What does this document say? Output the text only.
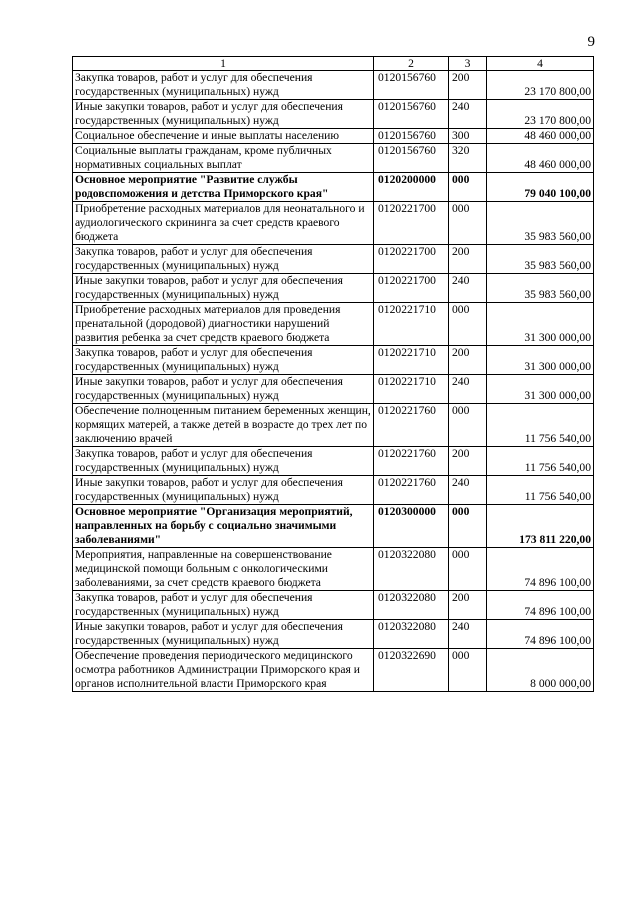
9
1	2	3	4
Закупка товаров, работ и услуг для обеспечения государственных (муниципальных) нужд	0120156760	200	23 170 800,00
Иные закупки товаров, работ и услуг для обеспечения государственных (муниципальных) нужд	0120156760	240	23 170 800,00
Социальное обеспечение и иные выплаты населению	0120156760	300	48 460 000,00
Социальные выплаты гражданам, кроме публичных нормативных социальных выплат	0120156760	320	48 460 000,00
Основное мероприятие "Развитие службы родовспоможения и детства Приморского края"	0120200000	000	79 040 100,00
Приобретение расходных материалов для неонатального и аудиологического скрининга за счет средств краевого бюджета	0120221700	000	35 983 560,00
Закупка товаров, работ и услуг для обеспечения государственных (муниципальных) нужд	0120221700	200	35 983 560,00
Иные закупки товаров, работ и услуг для обеспечения государственных (муниципальных) нужд	0120221700	240	35 983 560,00
Приобретение расходных материалов для проведения пренатальной (дородовой) диагностики нарушений развития ребенка за счет средств краевого бюджета	0120221710	000	31 300 000,00
Закупка товаров, работ и услуг для обеспечения государственных (муниципальных) нужд	0120221710	200	31 300 000,00
Иные закупки товаров, работ и услуг для обеспечения государственных (муниципальных) нужд	0120221710	240	31 300 000,00
Обеспечение полноценным питанием беременных женщин, кормящих матерей, а также детей в возрасте до трех лет по заключению врачей	0120221760	000	11 756 540,00
Закупка товаров, работ и услуг для обеспечения государственных (муниципальных) нужд	0120221760	200	11 756 540,00
Иные закупки товаров, работ и услуг для обеспечения государственных (муниципальных) нужд	0120221760	240	11 756 540,00
Основное мероприятие "Организация мероприятий, направленных на борьбу с социально значимыми заболеваниями"	0120300000	000	173 811 220,00
Мероприятия, направленные на совершенствование медицинской помощи больным с онкологическими заболеваниями, за счет средств краевого бюджета	0120322080	000	74 896 100,00
Закупка товаров, работ и услуг для обеспечения государственных (муниципальных) нужд	0120322080	200	74 896 100,00
Иные закупки товаров, работ и услуг для обеспечения государственных (муниципальных) нужд	0120322080	240	74 896 100,00
Обеспечение проведения периодического медицинского осмотра работников Администрации Приморского края и органов исполнительной власти Приморского края	0120322690	000	8 000 000,00
